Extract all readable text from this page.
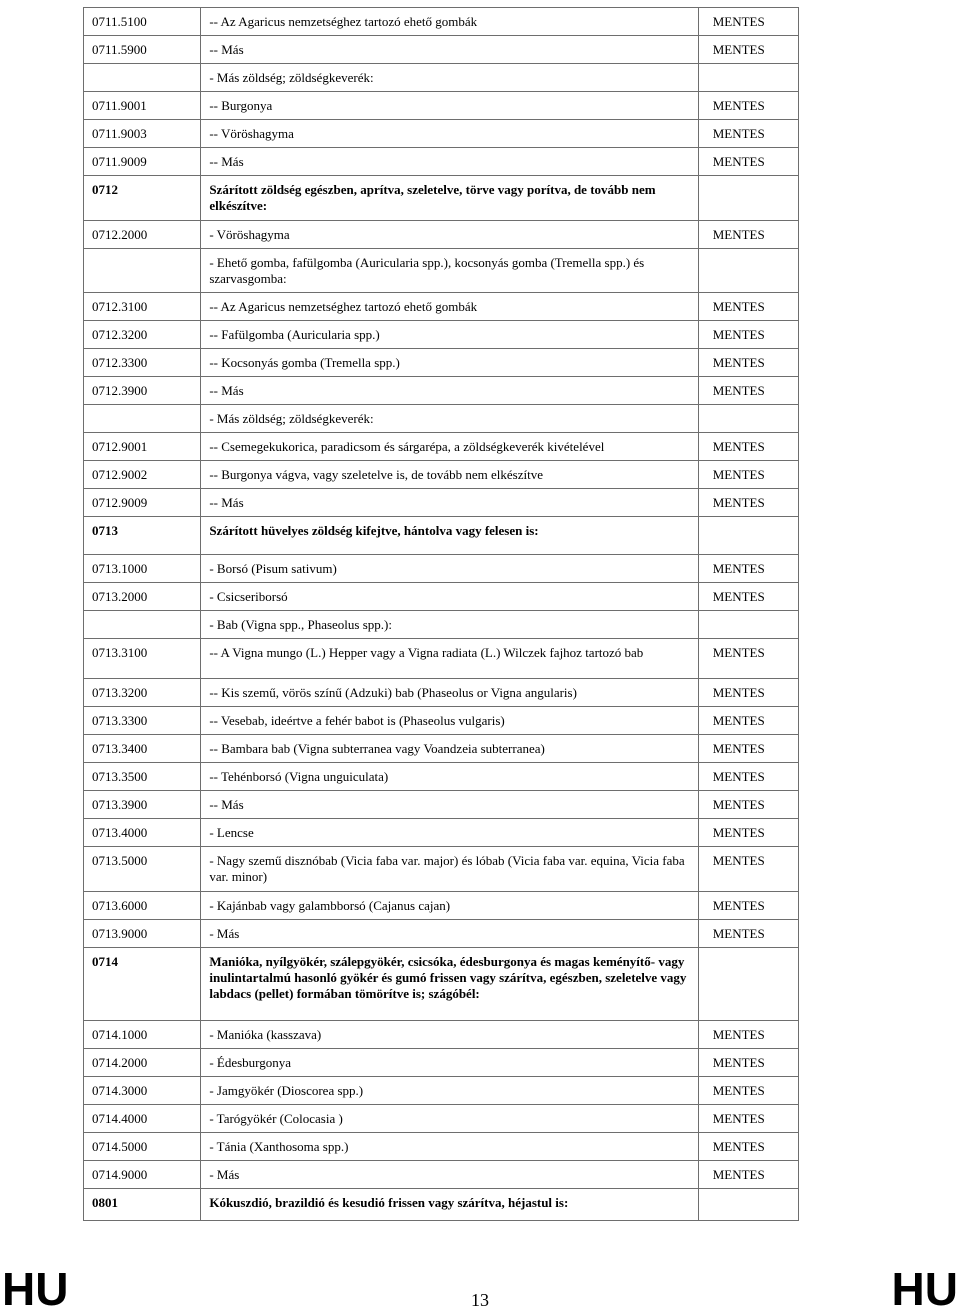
0711.5100	-- Az Agaricus nemzetséghez tartozó ehető gombák	MENTES
0711.5900	-- Más	MENTES
	- Más zöldség; zöldségkeverék:	
0711.9001	-- Burgonya	MENTES
0711.9003	-- Vöröshagyma	MENTES
0711.9009	-- Más	MENTES
0712	Szárított zöldség egészben, aprítva, szeletelve, törve vagy porítva, de tovább nem elkészítve:	
0712.2000	- Vöröshagyma	MENTES
	- Ehető gomba, fafülgomba (Auricularia spp.), kocsonyás gomba (Tremella spp.) és szarvasgomba:	
0712.3100	-- Az Agaricus nemzetséghez tartozó ehető gombák	MENTES
0712.3200	-- Fafülgomba (Auricularia spp.)	MENTES
0712.3300	-- Kocsonyás gomba (Tremella spp.)	MENTES
0712.3900	-- Más	MENTES
	- Más zöldség; zöldségkeverék:	
0712.9001	-- Csemegekukorica, paradicsom és sárgarépa, a zöldségkeverék kivételével	MENTES
0712.9002	-- Burgonya vágva, vagy szeletelve is, de tovább nem elkészítve	MENTES
0712.9009	-- Más	MENTES
0713	Szárított hüvelyes zöldség kifejtve, hántolva vagy felesen is:	
0713.1000	- Borsó (Pisum sativum)	MENTES
0713.2000	- Csicseriborsó	MENTES
	- Bab (Vigna spp., Phaseolus spp.):	
0713.3100	-- A Vigna mungo (L.) Hepper vagy a Vigna radiata (L.) Wilczek fajhoz tartozó bab	MENTES
0713.3200	-- Kis szemű, vörös színű (Adzuki) bab (Phaseolus or Vigna angularis)	MENTES
0713.3300	-- Vesebab, ideértve a fehér babot is (Phaseolus vulgaris)	MENTES
0713.3400	-- Bambara bab (Vigna subterranea vagy Voandzeia subterranea)	MENTES
0713.3500	-- Tehénborsó (Vigna unguiculata)	MENTES
0713.3900	-- Más	MENTES
0713.4000	- Lencse	MENTES
0713.5000	- Nagy szemű disznóbab (Vicia faba var. major) és lóbab (Vicia faba var. equina, Vicia faba var. minor)	MENTES
0713.6000	- Kajánbab vagy galambborsó (Cajanus cajan)	MENTES
0713.9000	- Más	MENTES
0714	Manióka, nyílgyökér, szálepgyökér, csicsóka, édesburgonya és magas keményítő- vagy inulintartalmú hasonló gyökér és gumó frissen vagy szárítva, egészben, szeletelve vagy labdacs (pellet) formában tömörítve is; szágóbél:	
0714.1000	- Manióka (kasszava)	MENTES
0714.2000	- Édesburgonya	MENTES
0714.3000	- Jamgyökér (Dioscorea spp.)	MENTES
0714.4000	- Tarógyökér (Colocasia )	MENTES
0714.5000	- Tánia (Xanthosoma spp.)	MENTES
0714.9000	- Más	MENTES
0801	Kókuszdió, brazildió és kesudió frissen vagy szárítva, héjastul is:	
HU	HU
13
